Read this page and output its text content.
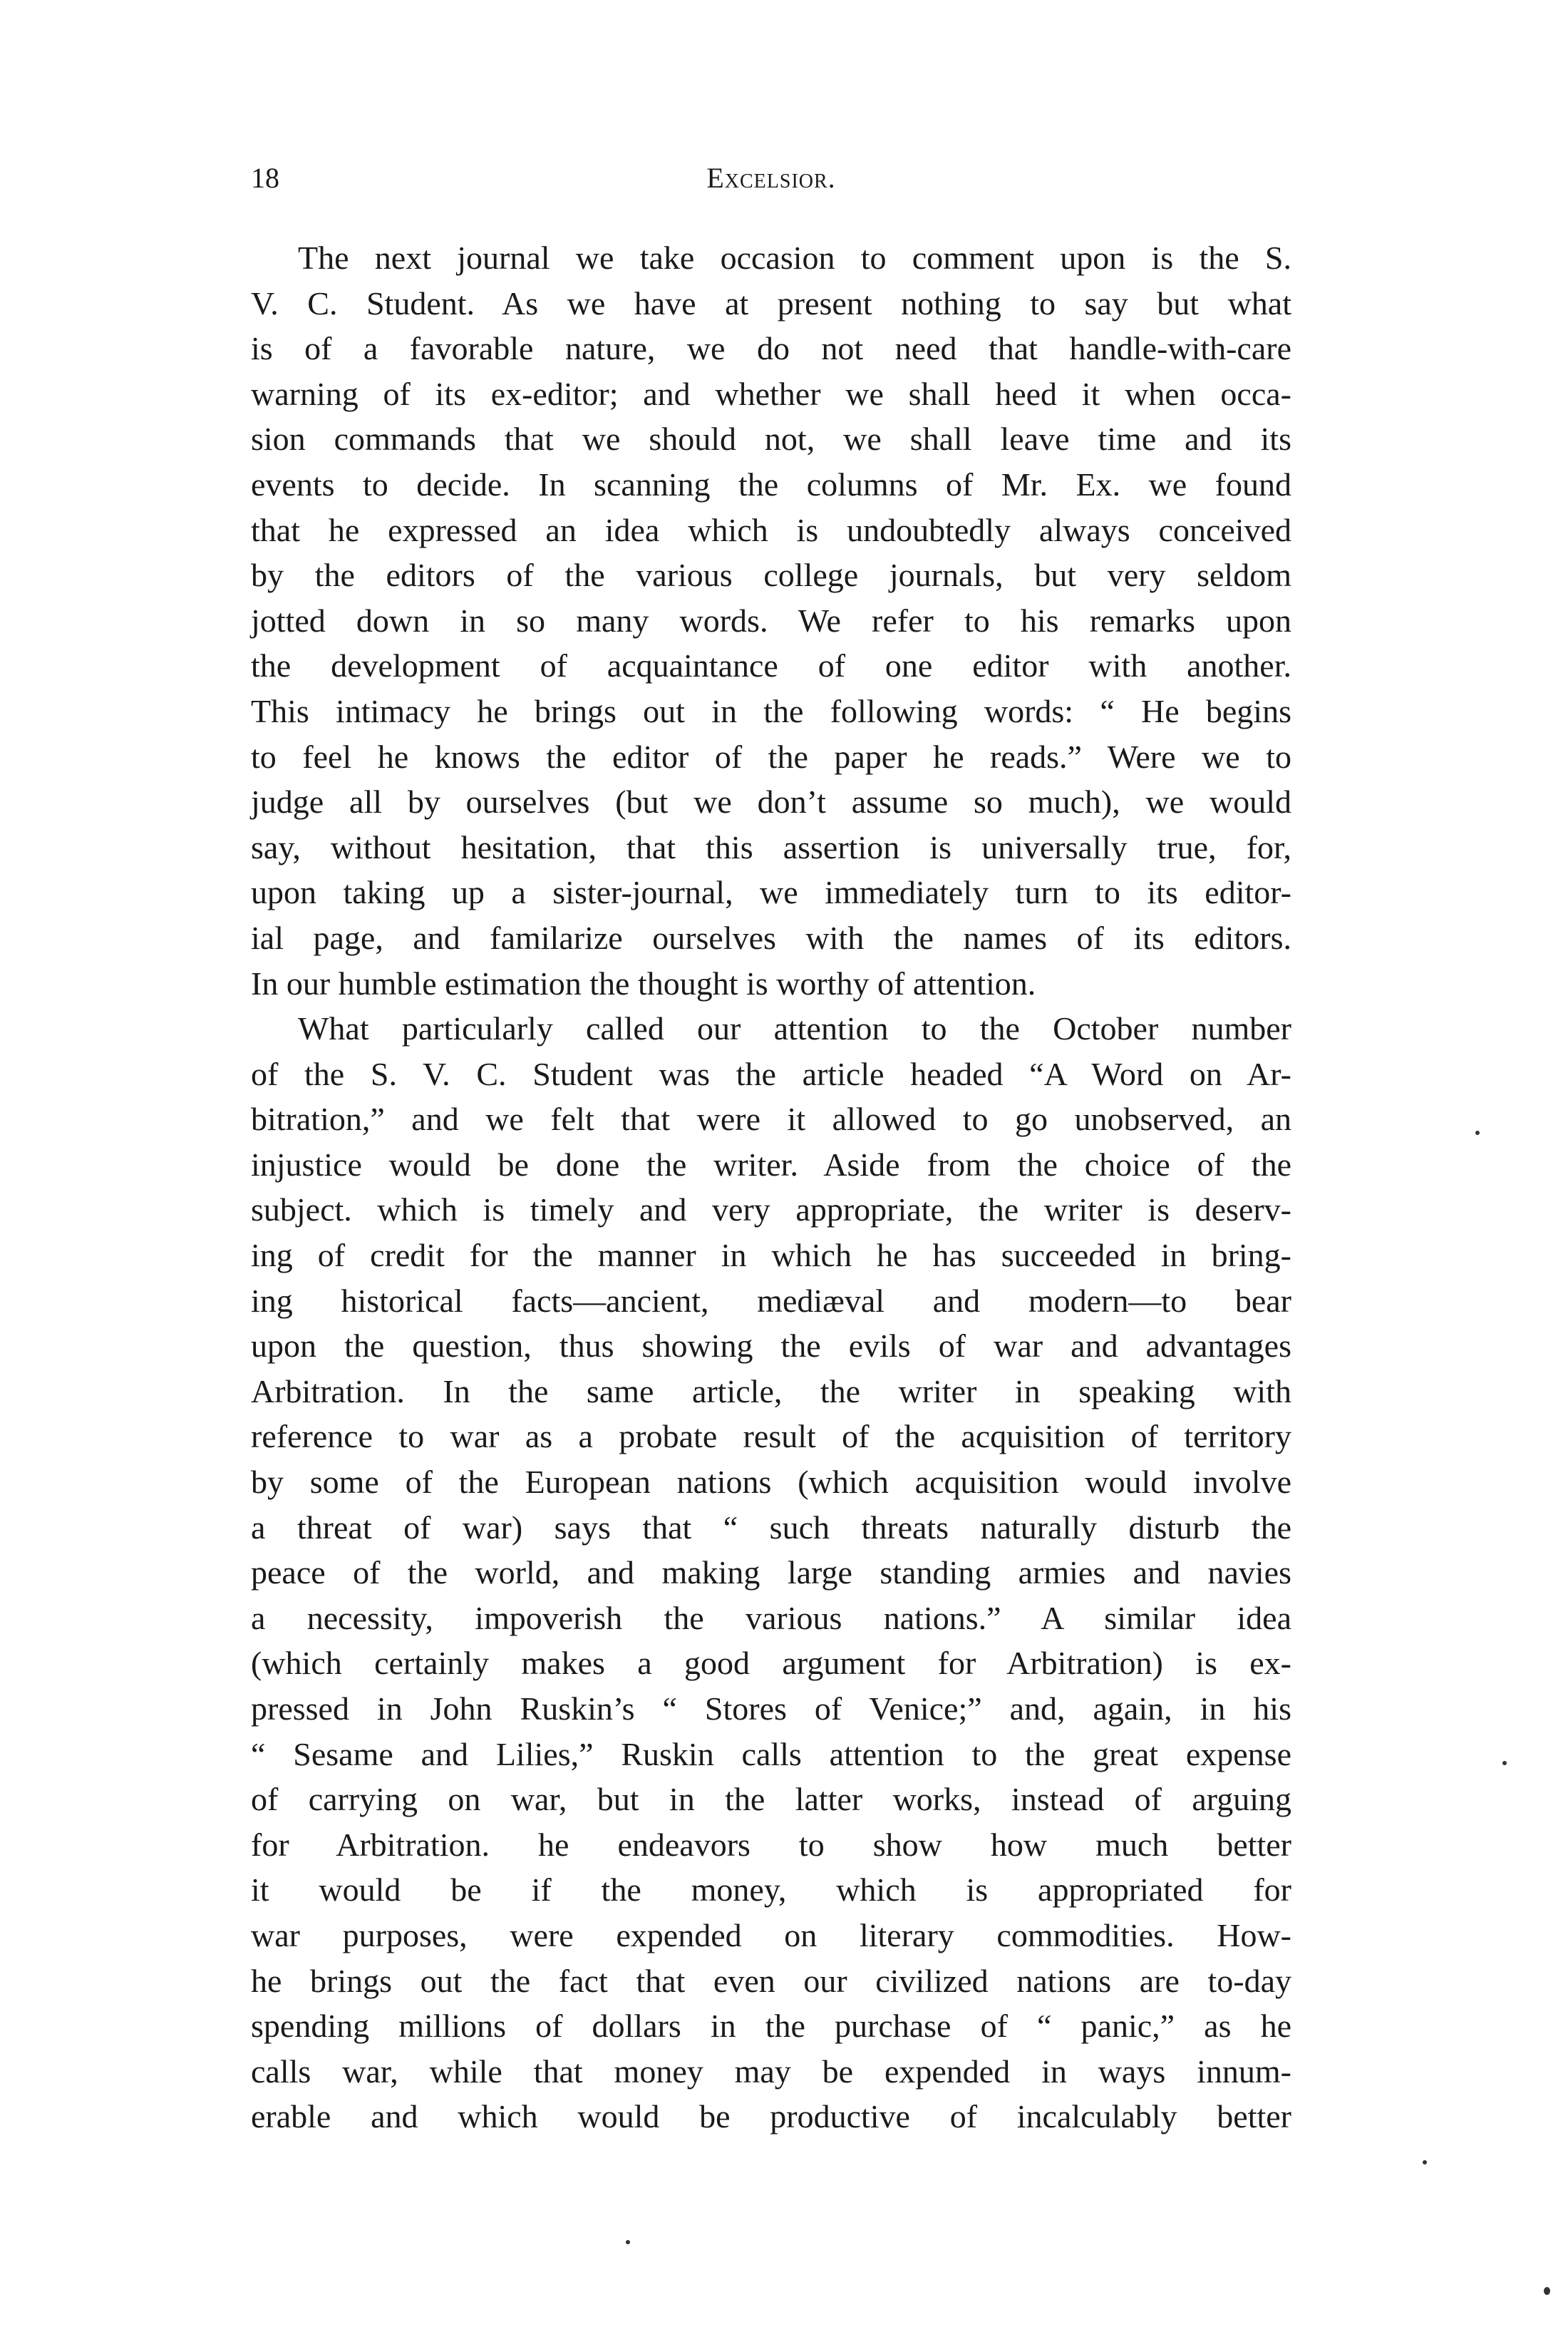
18	Excelsior.

The next journal we take occasion to comment upon is the S.
V. C. Student. As we have at present nothing to say but what
is of a favorable nature, we do not need that handle-with-care
warning of its ex-editor; and whether we shall heed it when occa-
sion commands that we should not, we shall leave time and its
events to decide. In scanning the columns of Mr. Ex. we found
that he expressed an idea which is undoubtedly always conceived
by the editors of the various college journals, but very seldom
jotted down in so many words. We refer to his remarks upon
the development of acquaintance of one editor with another.
This intimacy he brings out in the following words: “ He begins
to feel he knows the editor of the paper he reads.” Were we to
judge all by ourselves (but we don’t assume so much), we would
say, without hesitation, that this assertion is universally true, for,
upon taking up a sister-journal, we immediately turn to its editor-
ial page, and familarize ourselves with the names of its editors.
In our humble estimation the thought is worthy of attention.

What particularly called our attention to the October number
of the S. V. C. Student was the article headed “A Word on Ar-
bitration,” and we felt that were it allowed to go unobserved, an
injustice would be done the writer. Aside from the choice of the
subject. which is timely and very appropriate, the writer is deserv-
ing of credit for the manner in which he has succeeded in bring-
ing historical facts—ancient, mediæval and modern—to bear
upon the question, thus showing the evils of war and advantages
Arbitration. In the same article, the writer in speaking with
reference to war as a probate result of the acquisition of territory
by some of the European nations (which acquisition would involve
a threat of war) says that “ such threats naturally disturb the
peace of the world, and making large standing armies and navies
a necessity, impoverish the various nations.” A similar idea
(which certainly makes a good argument for Arbitration) is ex-
pressed in John Ruskin’s “ Stores of Venice;” and, again, in his
“ Sesame and Lilies,” Ruskin calls attention to the great expense
of carrying on war, but in the latter works, instead of arguing
for Arbitration. he endeavors to show how much better
it would be if the money, which is appropriated for
war purposes, were expended on literary commodities. How-
he brings out the fact that even our civilized nations are to-day
spending millions of dollars in the purchase of “ panic,” as he
calls war, while that money may be expended in ways innum-
erable and which would be productive of incalculably better
